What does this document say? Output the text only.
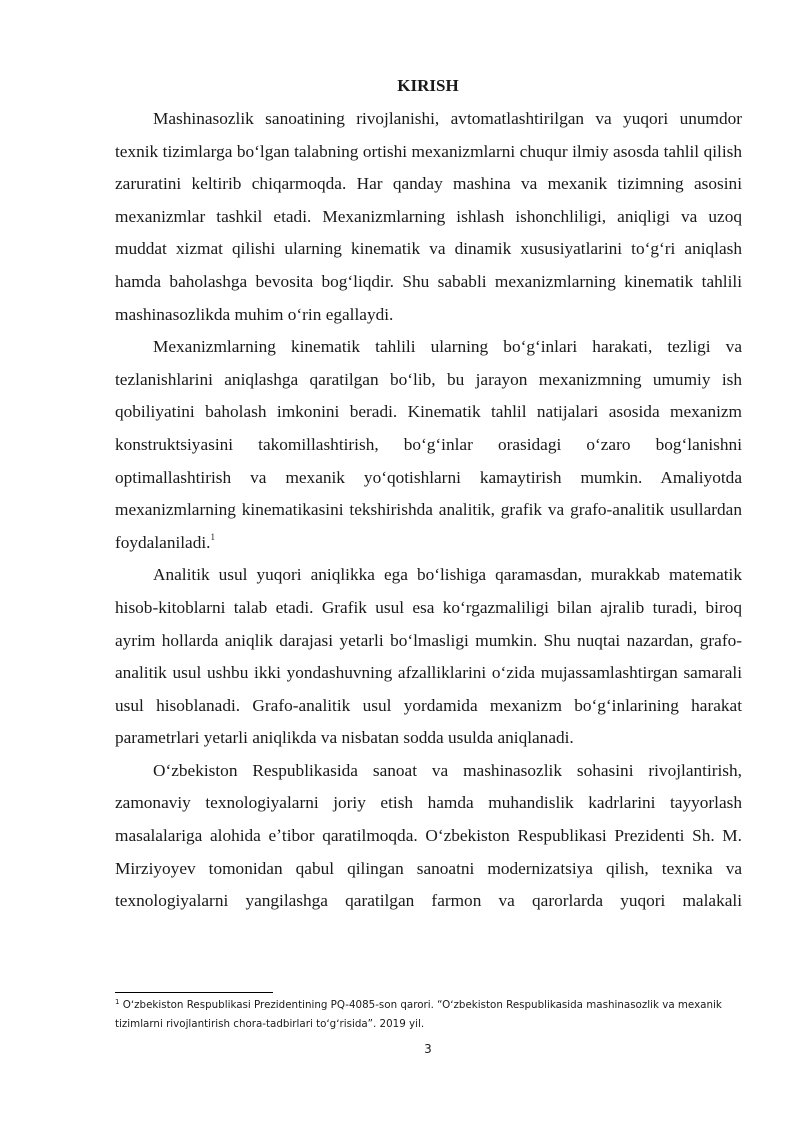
KIRISH

Mashinasozlik sanoatining rivojlanishi, avtomatlashtirilgan va yuqori unumdor texnik tizimlarga boʻlgan talabning ortishi mexanizmlarni chuqur ilmiy asosda tahlil qilish zaruratini keltirib chiqarmoqda. Har qanday mashina va mexanik tizimning asosini mexanizmlar tashkil etadi. Mexanizmlarning ishlash ishonchliligi, aniqligi va uzoq muddat xizmat qilishi ularning kinematik va dinamik xususiyatlarini toʻgʻri aniqlash hamda baholashga bevosita bogʻliqdir. Shu sababli mexanizmlarning kinematik tahlili mashinasozlikda muhim oʻrin egallaydi.

Mexanizmlarning kinematik tahlili ularning boʻgʻinlari harakati, tezligi va tezlanishlarini aniqlashga qaratilgan boʻlib, bu jarayon mexanizmning umumiy ish qobiliyatini baholash imkonini beradi. Kinematik tahlil natijalari asosida mexanizm konstruktsiyasini takomillashtirish, boʻgʻinlar orasidagi oʻzaro bogʻlanishni optimallashtirish va mexanik yoʻqotishlarni kamaytirish mumkin. Amaliyotda mexanizmlarning kinematikasini tekshirishda analitik, grafik va grafo-analitik usullardan foydalaniladi.$^1$

Analitik usul yuqori aniqlikka ega boʻlishiga qaramasdan, murakkab matematik hisob-kitoblarni talab etadi. Grafik usul esa koʻrgazmaliligi bilan ajralib turadi, biroq ayrim hollarda aniqlik darajasi yetarli boʻlmasligi mumkin. Shu nuqtai nazardan, grafo-analitik usul ushbu ikki yondashuvning afzalliklarini oʻzida mujassamlashtirgan samarali usul hisoblanadi. Grafo-analitik usul yordamida mexanizm boʻgʻinlarining harakat parametrlari yetarli aniqlikda va nisbatan sodda usulda aniqlanadi.

Oʻzbekiston Respublikasida sanoat va mashinasozlik sohasini rivojlantirish, zamonaviy texnologiyalarni joriy etish hamda muhandislik kadrlarini tayyorlash masalalariga alohida eʼtibor qaratilmoqda. Oʻzbekiston Respublikasi Prezidenti Sh. M. Mirziyoyev tomonidan qabul qilingan sanoatni modernizatsiya qilish, texnika va texnologiyalarni yangilashga qaratilgan farmon va qarorlarda yuqori malakali

$^1$ Oʻzbekiston Respublikasi Prezidentining PQ-4085-son qarori. “Oʻzbekiston Respublikasida mashinasozlik va mexanik tizimlarni rivojlantirish chora-tadbirlari toʻgʻrisida”. 2019 yil.
3
